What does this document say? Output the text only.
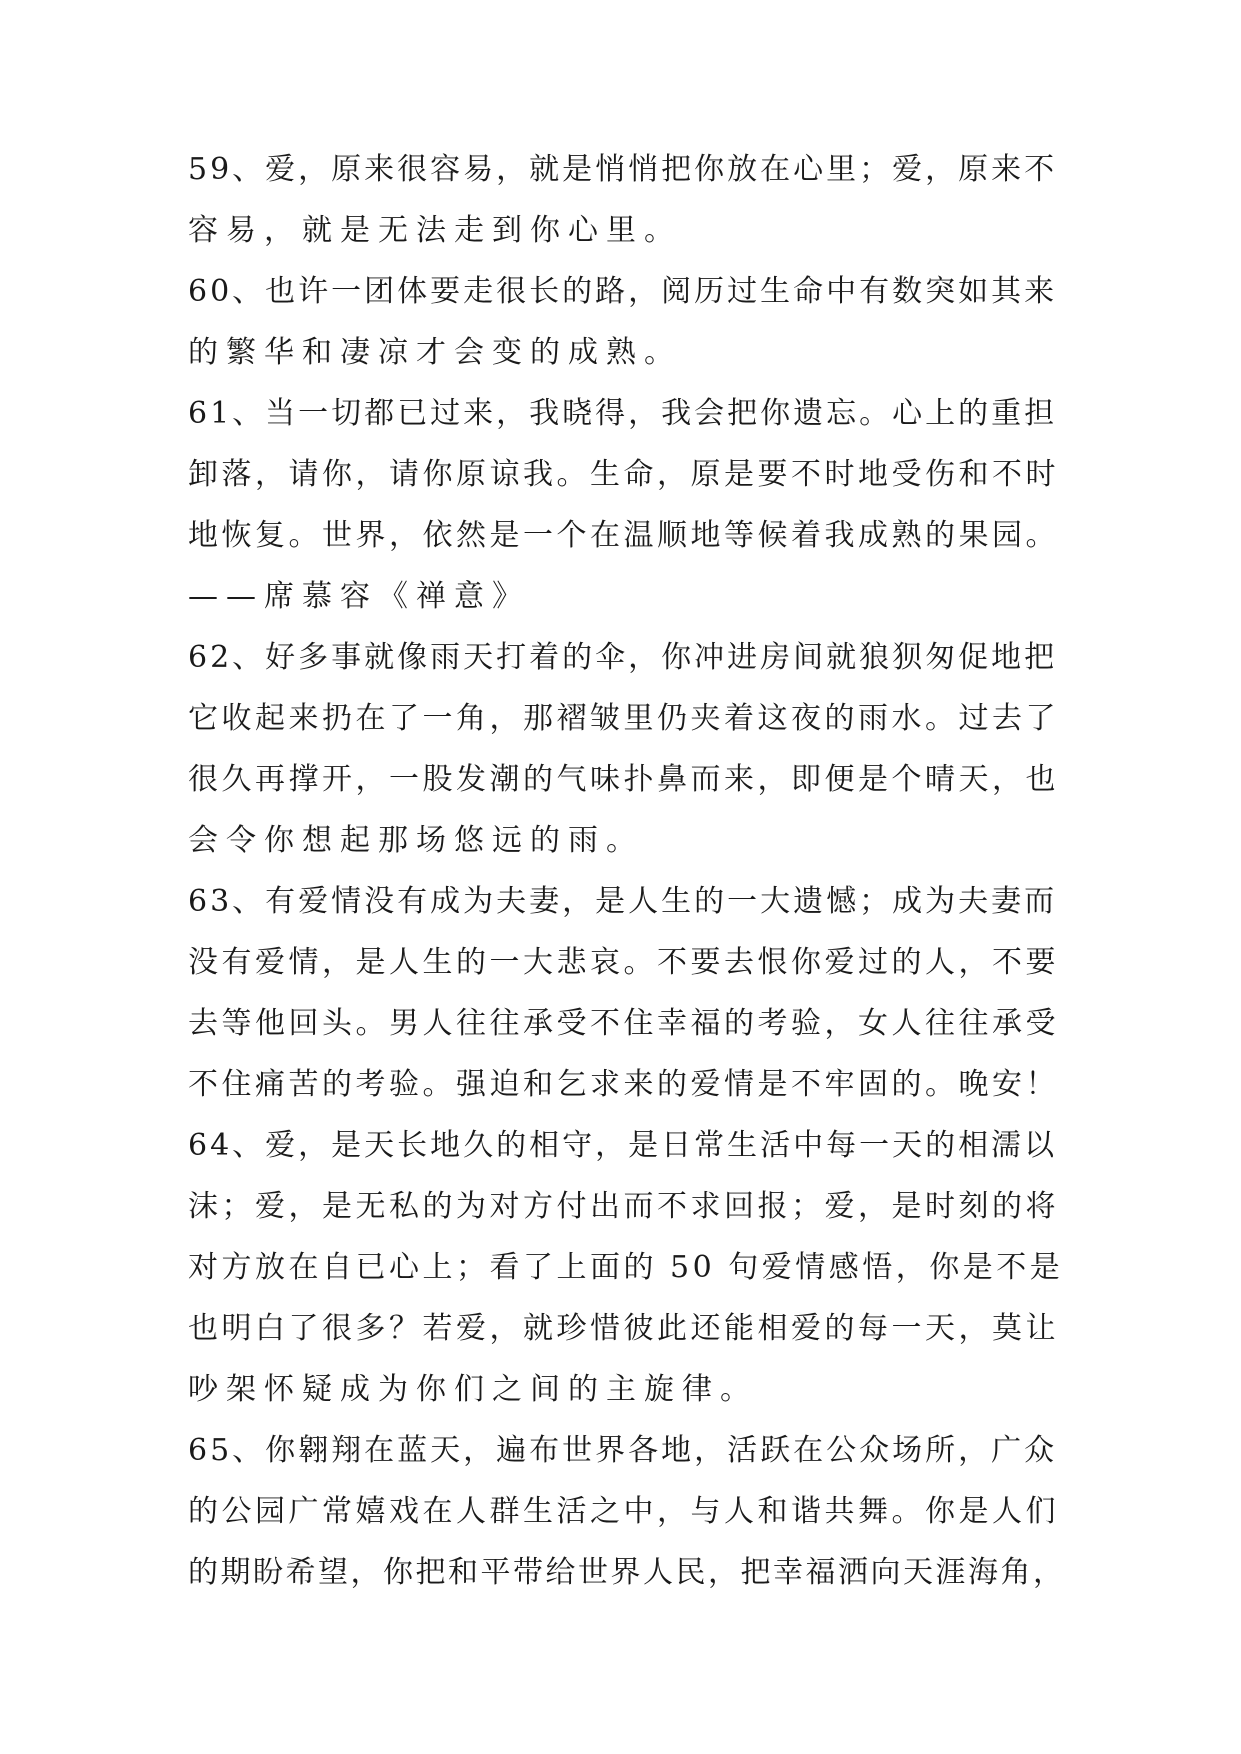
59、爱，原来很容易，就是悄悄把你放在心里；爱，原来不
容易，就是无法走到你心里。
60、也许一团体要走很长的路，阅历过生命中有数突如其来
的繁华和凄凉才会变的成熟。
61、当一切都已过来，我晓得，我会把你遗忘。心上的重担
卸落，请你，请你原谅我。生命，原是要不时地受伤和不时
地恢复。世界，依然是一个在温顺地等候着我成熟的果园。
——席慕容《禅意》
62、好多事就像雨天打着的伞，你冲进房间就狼狈匆促地把
它收起来扔在了一角，那褶皱里仍夹着这夜的雨水。过去了
很久再撑开，一股发潮的气味扑鼻而来，即便是个晴天，也
会令你想起那场悠远的雨。
63、有爱情没有成为夫妻，是人生的一大遗憾；成为夫妻而
没有爱情，是人生的一大悲哀。不要去恨你爱过的人，不要
去等他回头。男人往往承受不住幸福的考验，女人往往承受
不住痛苦的考验。强迫和乞求来的爱情是不牢固的。晚安！
64、爱，是天长地久的相守，是日常生活中每一天的相濡以
沫；爱，是无私的为对方付出而不求回报；爱，是时刻的将
对方放在自已心上；看了上面的 50 句爱情感悟，你是不是
也明白了很多？若爱，就珍惜彼此还能相爱的每一天，莫让
吵架怀疑成为你们之间的主旋律。
65、你翱翔在蓝天，遍布世界各地，活跃在公众场所，广众
的公园广常嬉戏在人群生活之中，与人和谐共舞。你是人们
的期盼希望，你把和平带给世界人民，把幸福洒向天涯海角，
